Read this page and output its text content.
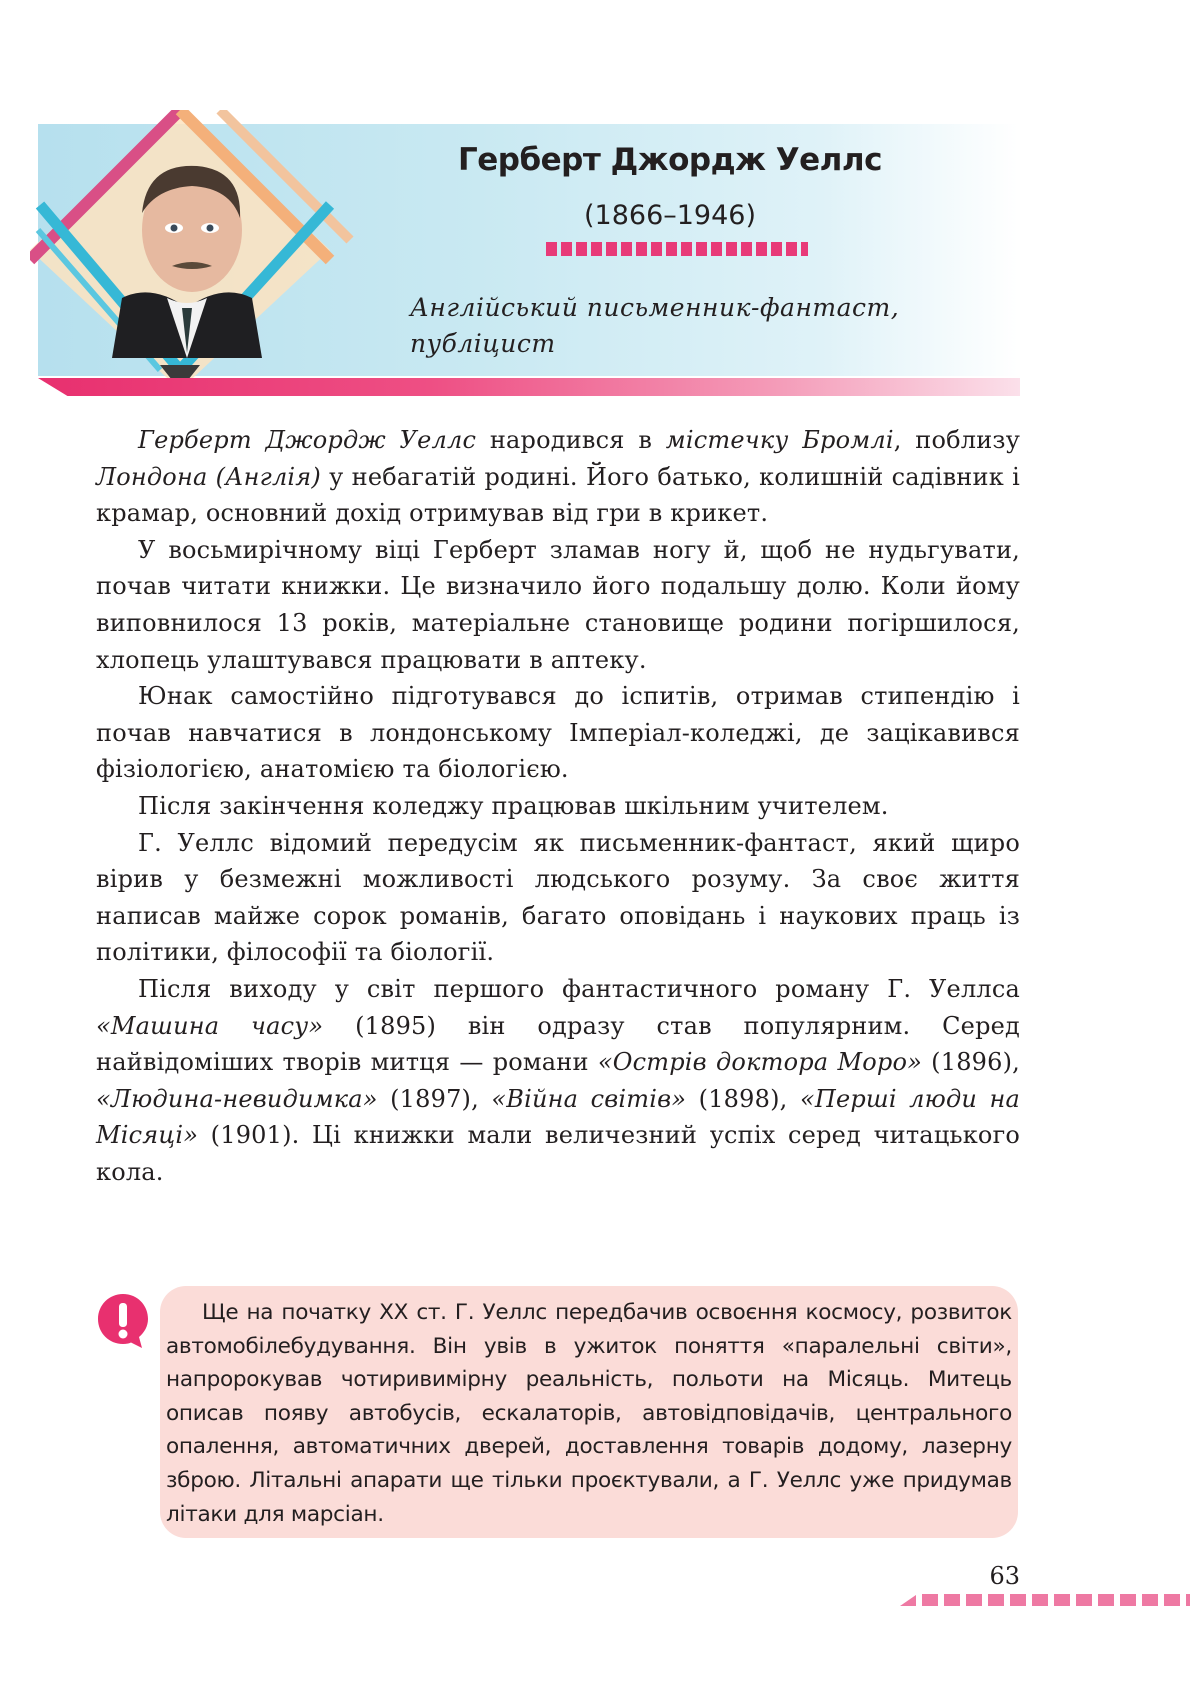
Герберт Джордж Уеллс
(1866–1946)
Англійський письменник-фантаст,
публіцист

Герберт Джордж Уеллс народився в містечку Бромлі, поблизу Лондона (Англія) у небагатій родині. Його батько, колишній садівник і крамар, основний дохід отримував від гри в крикет.

У восьмирічному віці Герберт зламав ногу й, щоб не нудьгувати, почав читати книжки. Це визначило його подальшу долю. Коли йому виповнилося 13 років, матеріальне становище родини погіршилося, хлопець улаштувався працювати в аптеку.

Юнак самостійно підготувався до іспитів, отримав стипендію і почав навчатися в лондонському Імперіал-коледжі, де зацікавився фізіологією, анатомією та біологією.

Після закінчення коледжу працював шкільним учителем.

Г. Уеллс відомий передусім як письменник-фантаст, який щиро вірив у безмежні можливості людського розуму. За своє життя написав майже сорок романів, багато оповідань і наукових праць із політики, філософії та біології.

Після виходу у світ першого фантастичного роману Г. Уеллса «Машина часу» (1895) він одразу став популярним. Серед найвідоміших творів митця — романи «Острів доктора Моро» (1896), «Людина-невидимка» (1897), «Війна світів» (1898), «Перші люди на Місяці» (1901). Ці книжки мали величезний успіх серед читацького кола.

Ще на початку XX ст. Г. Уеллс передбачив освоєння космосу, розвиток автомобілебудування. Він увів в ужиток поняття «паралельні світи», напророкував чотиривимірну реальність, польоти на Місяць. Митець описав появу автобусів, ескалаторів, автовідповідачів, центрального опалення, автоматичних дверей, доставлення товарів додому, лазерну зброю. Літальні апарати ще тільки проєктували, а Г. Уеллс уже придумав літаки для марсіан.

63
